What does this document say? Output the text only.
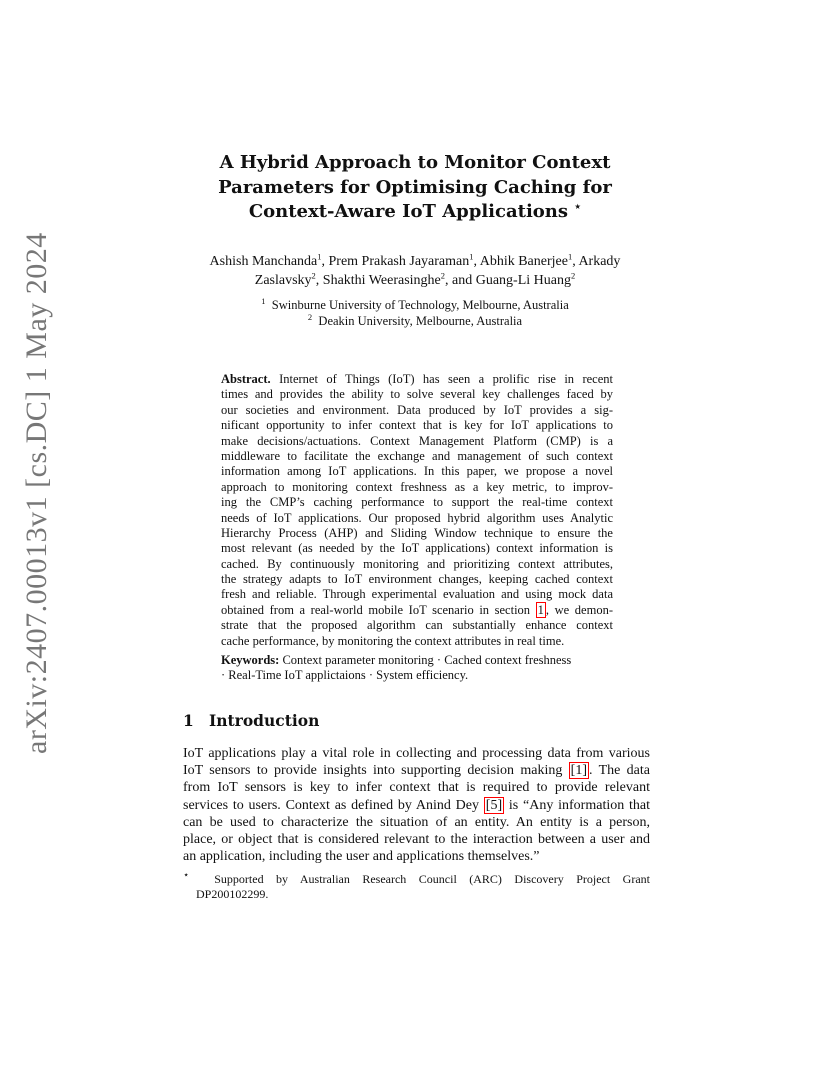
arXiv:2407.00013v1 [cs.DC] 1 May 2024
A Hybrid Approach to Monitor Context
Parameters for Optimising Caching for
Context-Aware IoT Applications ⋆
Ashish Manchanda$^1$, Prem Prakash Jayaraman$^1$, Abhik Banerjee$^1$, Arkady
Zaslavsky$^2$, Shakthi Weerasinghe$^2$, and Guang-Li Huang$^2$
$^1$ Swinburne University of Technology, Melbourne, Australia
$^2$ Deakin University, Melbourne, Australia
Abstract. Internet of Things (IoT) has seen a prolific rise in recent
times and provides the ability to solve several key challenges faced by
our societies and environment. Data produced by IoT provides a sig-
nificant opportunity to infer context that is key for IoT applications to
make decisions/actuations. Context Management Platform (CMP) is a
middleware to facilitate the exchange and management of such context
information among IoT applications. In this paper, we propose a novel
approach to monitoring context freshness as a key metric, to improv-
ing the CMP’s caching performance to support the real-time context
needs of IoT applications. Our proposed hybrid algorithm uses Analytic
Hierarchy Process (AHP) and Sliding Window technique to ensure the
most relevant (as needed by the IoT applications) context information is
cached. By continuously monitoring and prioritizing context attributes,
the strategy adapts to IoT environment changes, keeping cached context
fresh and reliable. Through experimental evaluation and using mock data
obtained from a real-world mobile IoT scenario in section 1 , we demon-
strate that the proposed algorithm can substantially enhance context
cache performance, by monitoring the context attributes in real time.
Keywords: Context parameter monitoring · Cached context freshness
· Real-Time IoT applictaions · System efficiency.
1 Introduction
IoT applications play a vital role in collecting and processing data from various
IoT sensors to provide insights into supporting decision making [1] . The data
from IoT sensors is key to infer context that is required to provide relevant
services to users. Context as defined by Anind Dey [5] is “Any information that
can be used to characterize the situation of an entity. An entity is a person,
place, or object that is considered relevant to the interaction between a user and
an application, including the user and applications themselves.”
⋆ Supported by Australian Research Council (ARC) Discovery Project Grant
DP200102299.
